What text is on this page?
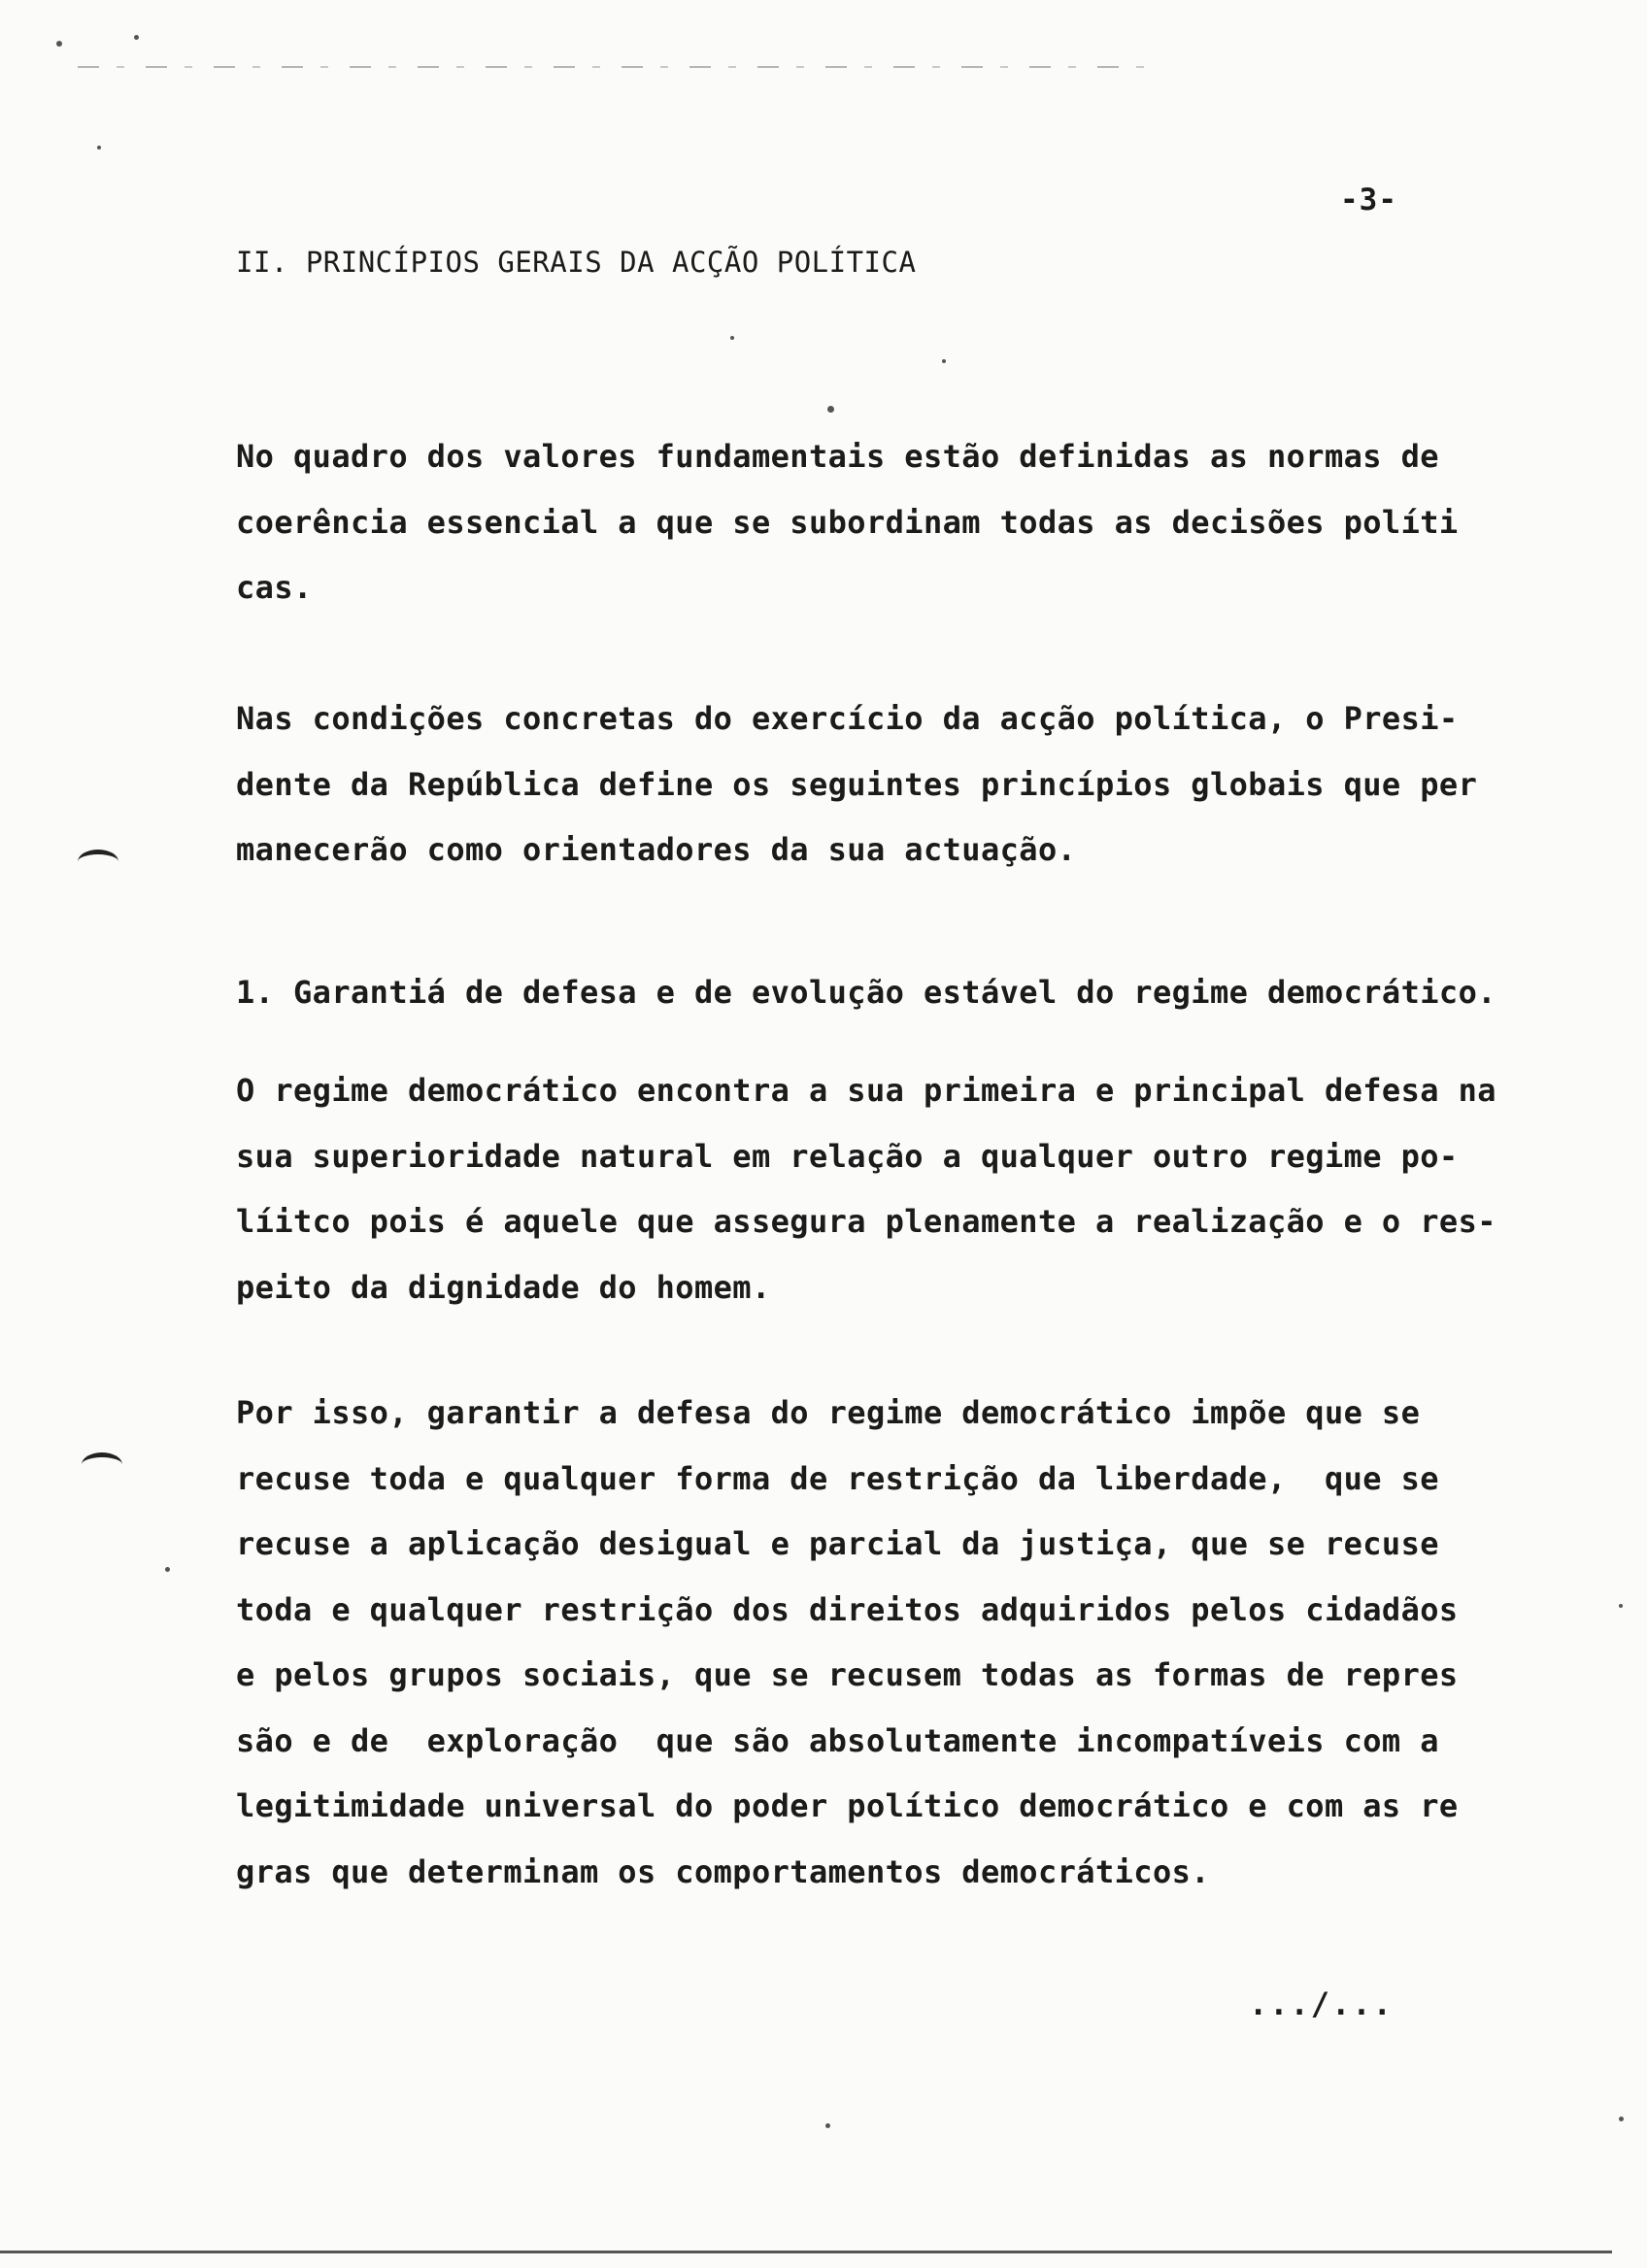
-3-
II. PRINCÍPIOS GERAIS DA ACÇÃO POLÍTICA
No quadro dos valores fundamentais estão definidas as normas de
coerência essencial a que se subordinam todas as decisões políti
cas.
Nas condições concretas do exercício da acção política, o Presi-
dente da República define os seguintes princípios globais que per
manecerão como orientadores da sua actuação.
1. Garantiá de defesa e de evolução estável do regime democrático.
O regime democrático encontra a sua primeira e principal defesa na
sua superioridade natural em relação a qualquer outro regime po-
líitco pois é aquele que assegura plenamente a realização e o res-
peito da dignidade do homem.
Por isso, garantir a defesa do regime democrático impõe que se
recuse toda e qualquer forma de restrição da liberdade,  que se
recuse a aplicação desigual e parcial da justiça, que se recuse
toda e qualquer restrição dos direitos adquiridos pelos cidadãos
e pelos grupos sociais, que se recusem todas as formas de repres
são e de  exploração  que são absolutamente incompatíveis com a
legitimidade universal do poder político democrático e com as re
gras que determinam os comportamentos democráticos.
.../...
